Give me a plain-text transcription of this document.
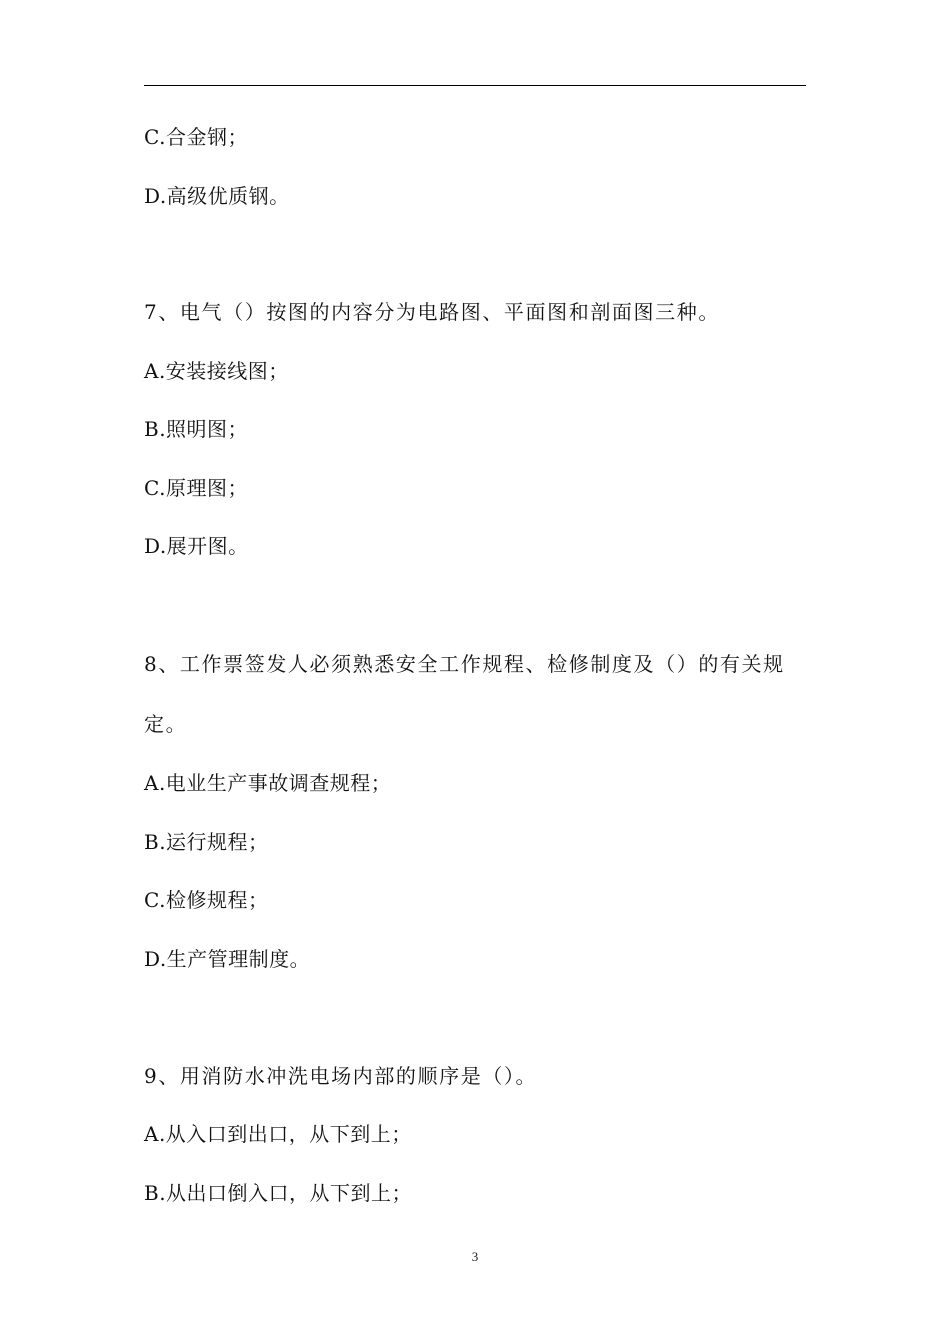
C.合金钢；
D.高级优质钢。
7、电气（）按图的内容分为电路图、平面图和剖面图三种。
A.安装接线图；
B.照明图；
C.原理图；
D.展开图。
8、工作票签发人必须熟悉安全工作规程、检修制度及（）的有关规
定。
A.电业生产事故调查规程；
B.运行规程；
C.检修规程；
D.生产管理制度。
9、用消防水冲洗电场内部的顺序是（）。
A.从入口到出口，从下到上；
B.从出口倒入口，从下到上；
3
